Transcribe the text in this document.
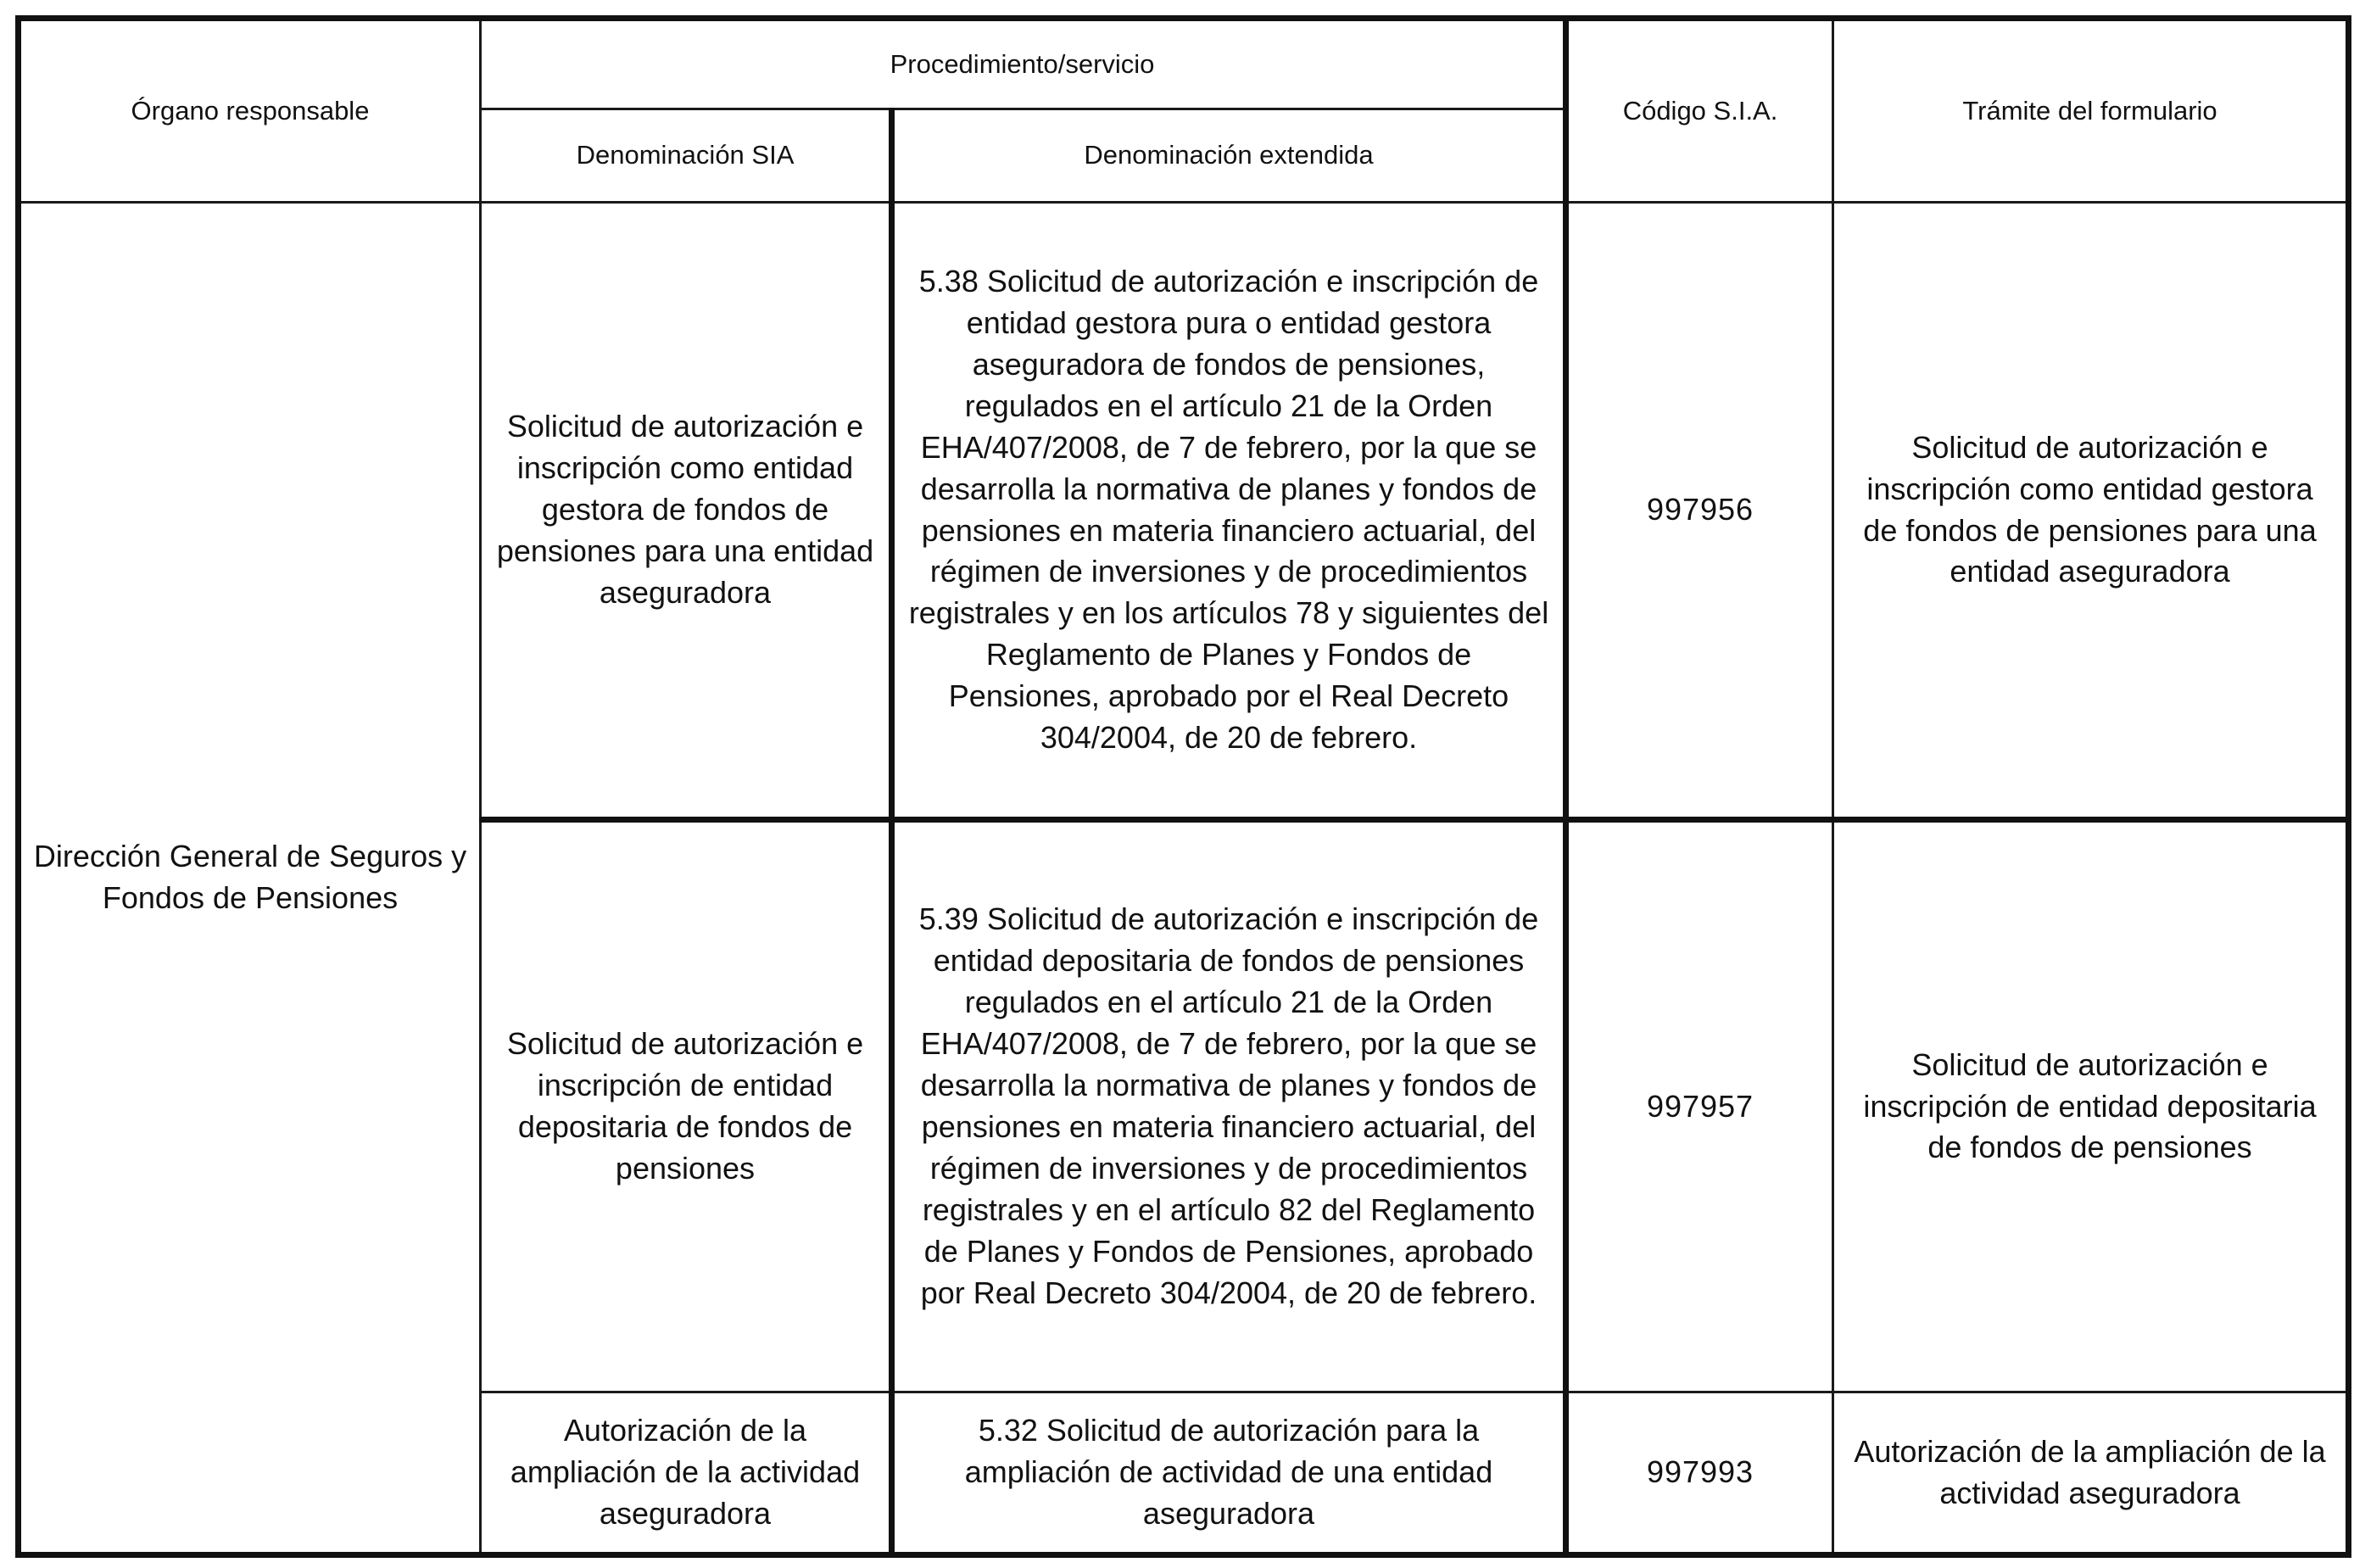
Órgano responsable	Procedimiento/servicio		Código S.I.A.	Trámite del formulario
	Denominación SIA	Denominación extendida		
Dirección General de Seguros y Fondos de Pensiones	Solicitud de autorización e inscripción como entidad gestora de fondos de pensiones para una entidad aseguradora	5.38 Solicitud de autorización e inscripción de entidad gestora pura o entidad gestora aseguradora de fondos de pensiones, regulados en el artículo 21 de la Orden EHA/407/2008, de 7 de febrero, por la que se desarrolla la normativa de planes y fondos de pensiones en materia financiero actuarial, del régimen de inversiones y de procedimientos registrales y en los artículos 78 y siguientes del Reglamento de Planes y Fondos de Pensiones, aprobado por el Real Decreto 304/2004, de 20 de febrero.	997956	Solicitud de autorización e inscripción como entidad gestora de fondos de pensiones para una entidad aseguradora
	Solicitud de autorización e inscripción de entidad depositaria de fondos de pensiones	5.39 Solicitud de autorización e inscripción de entidad depositaria de fondos de pensiones regulados en el artículo 21 de la Orden EHA/407/2008, de 7 de febrero, por la que se desarrolla la normativa de planes y fondos de pensiones en materia financiero actuarial, del régimen de inversiones y de procedimientos registrales y en el artículo 82 del Reglamento de Planes y Fondos de Pensiones, aprobado por Real Decreto 304/2004, de 20 de febrero.	997957	Solicitud de autorización e inscripción de entidad depositaria de fondos de pensiones
	Autorización de la ampliación de la actividad aseguradora	5.32 Solicitud de autorización para la ampliación de actividad de una entidad aseguradora	997993	Autorización de la ampliación de la actividad aseguradora
